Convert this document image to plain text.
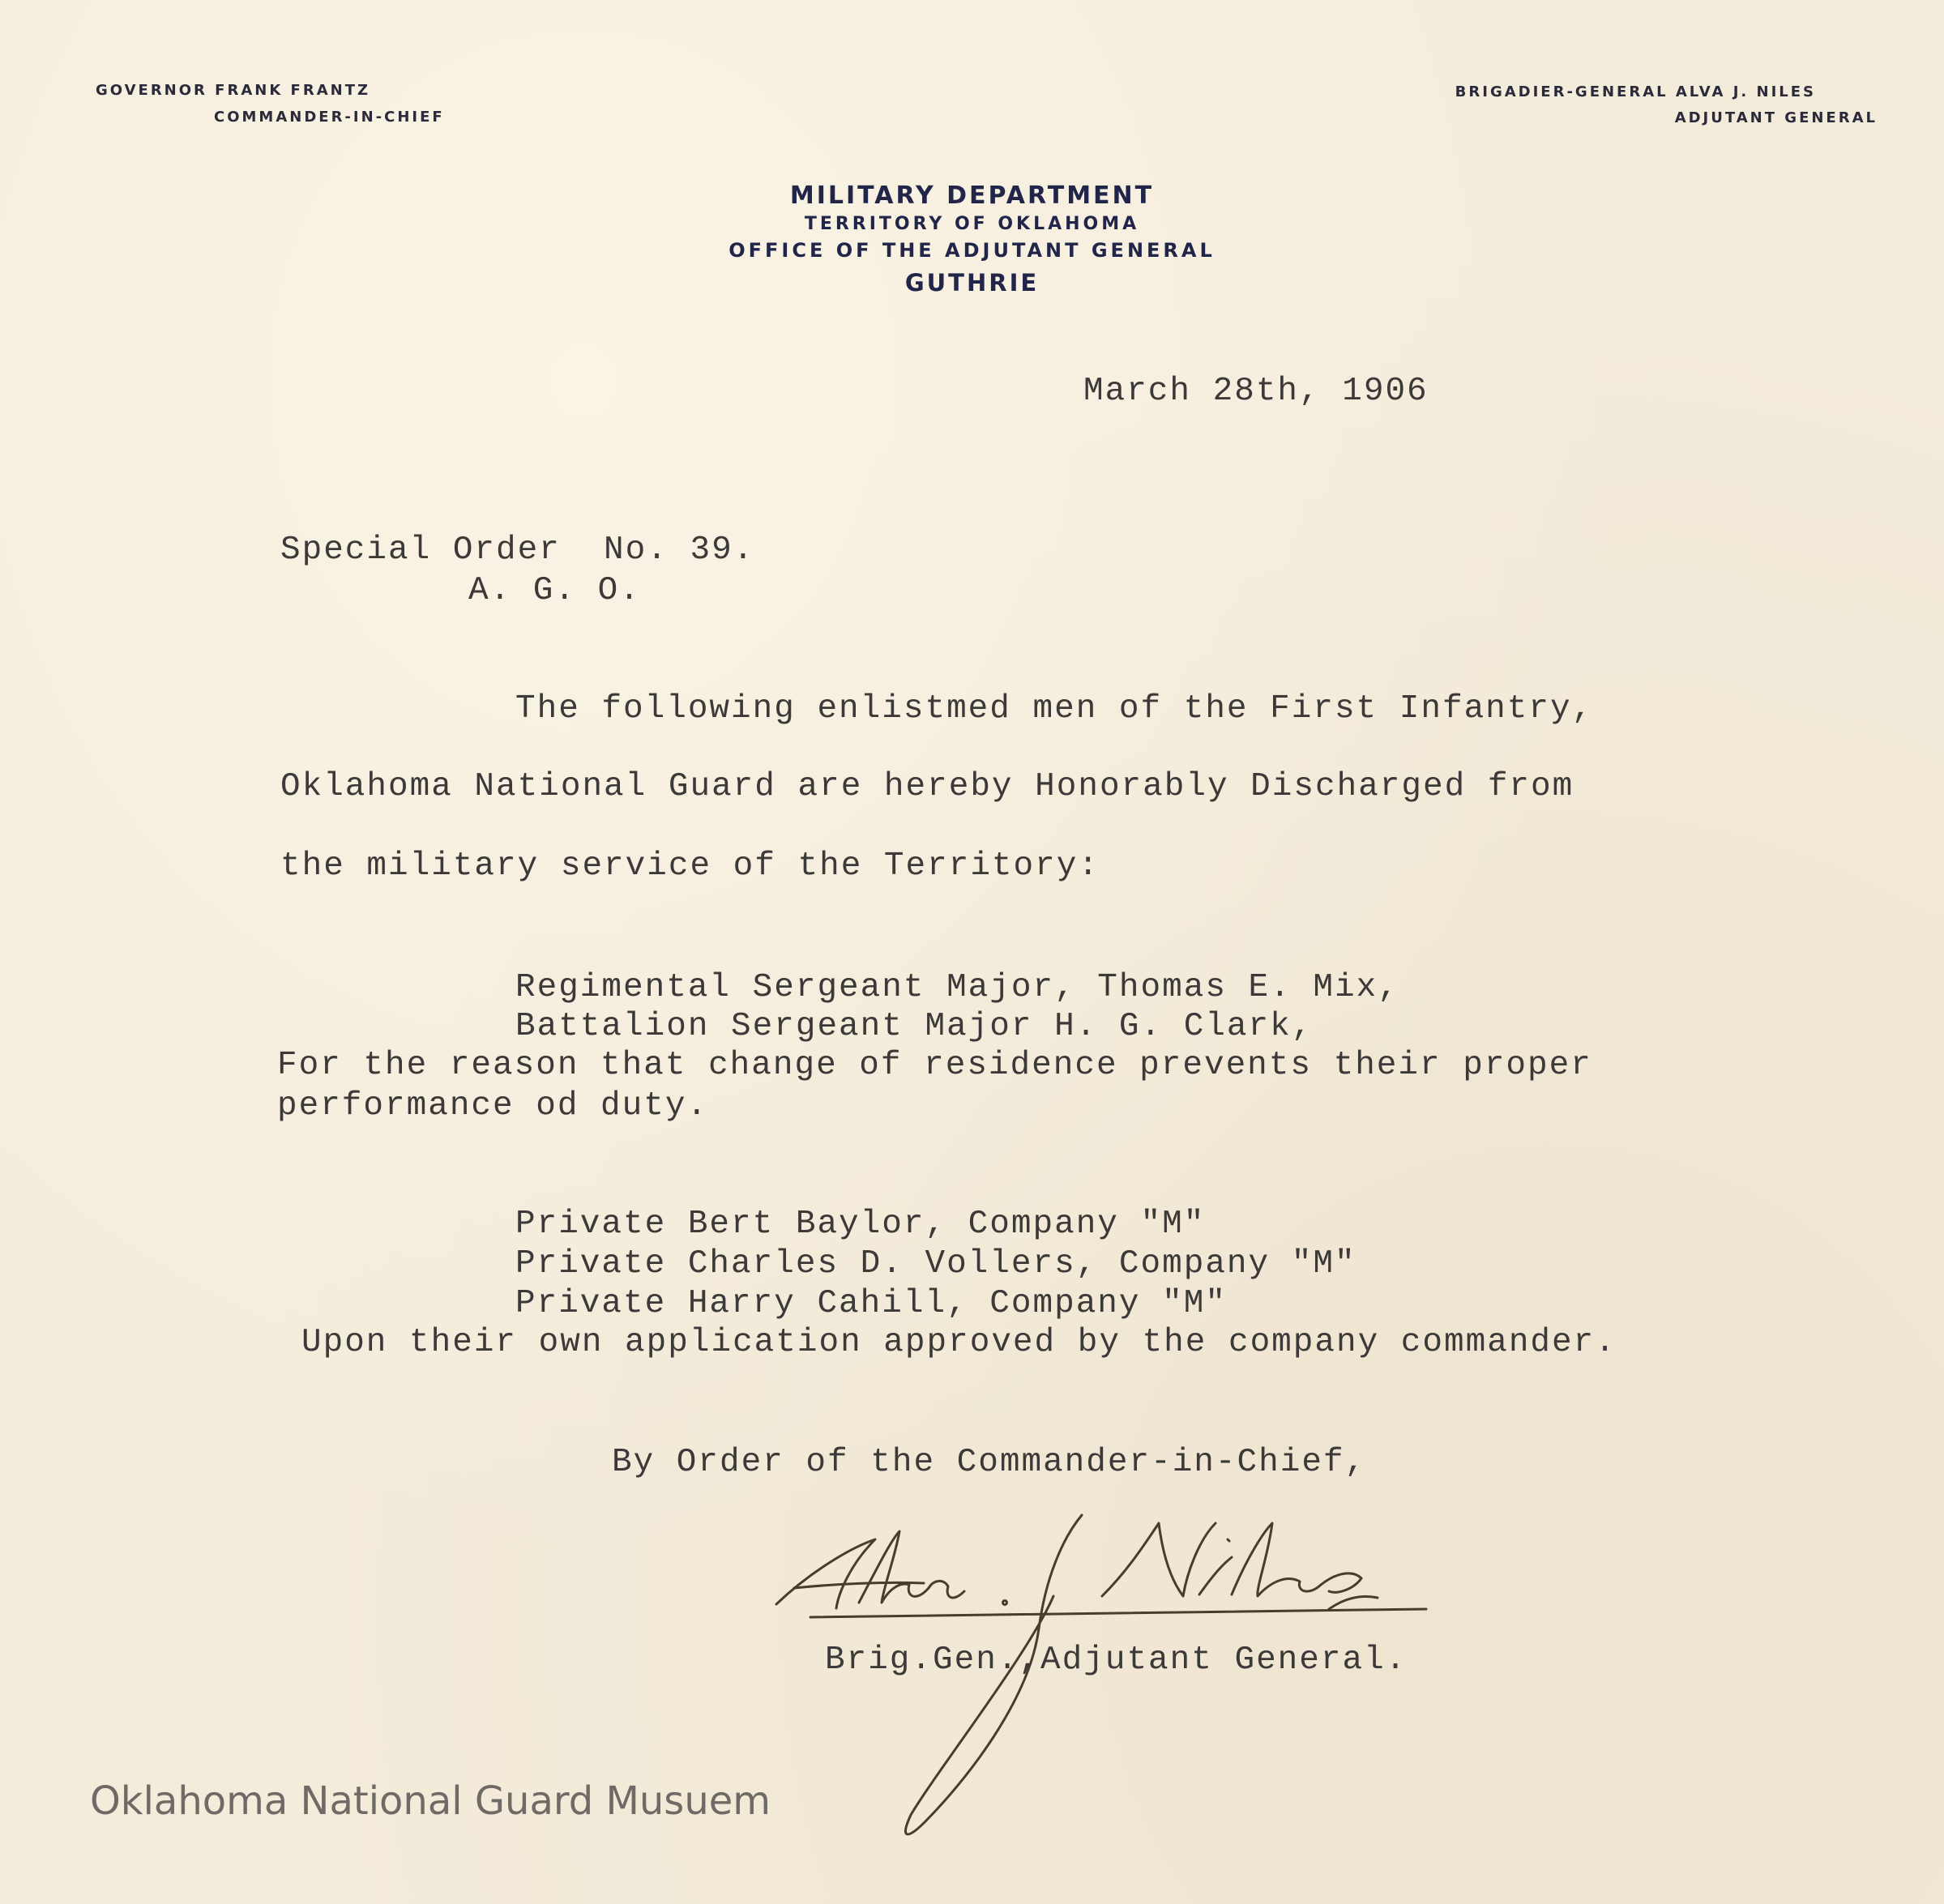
GOVERNOR FRANK FRANTZ
COMMANDER-IN-CHIEF
BRIGADIER-GENERAL ALVA J. NILES
ADJUTANT GENERAL
MILITARY DEPARTMENT
TERRITORY OF OKLAHOMA
OFFICE OF THE ADJUTANT GENERAL
GUTHRIE
March 28th, 1906
Special Order  No. 39.
A. G. O.
The following enlistmed men of the First Infantry,
Oklahoma National Guard are hereby Honorably Discharged from
the military service of the Territory:
Regimental Sergeant Major, Thomas E. Mix,
Battalion Sergeant Major H. G. Clark,
For the reason that change of residence prevents their proper
performance od duty.
Private Bert Baylor, Company "M"
Private Charles D. Vollers, Company "M"
Private Harry Cahill, Company "M"
Upon their own application approved by the company commander.
By Order of the Commander-in-Chief,
Brig.Gen.,Adjutant General.
Oklahoma National Guard Musuem
